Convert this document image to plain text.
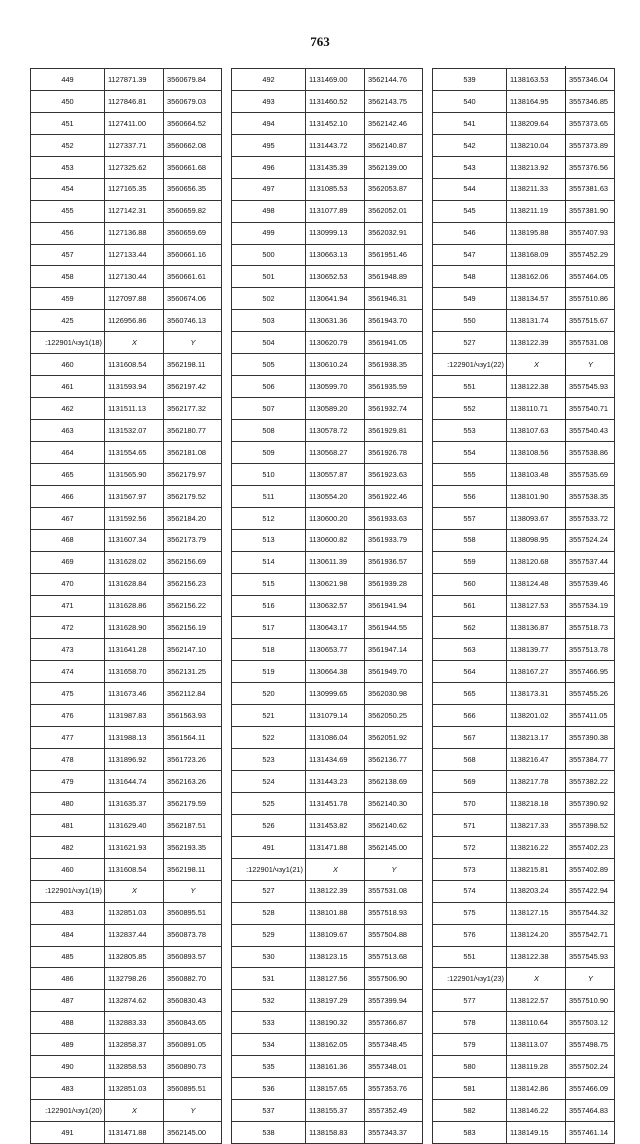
763
449	1127871.39	3560679.84
450	1127846.81	3560679.03
451	1127411.00	3560664.52
452	1127337.71	3560662.08
453	1127325.62	3560661.68
454	1127165.35	3560656.35
455	1127142.31	3560659.82
456	1127136.88	3560659.69
457	1127133.44	3560661.16
458	1127130.44	3560661.61
459	1127097.88	3560674.06
425	1126956.86	3560746.13
:122901/чзу1(18)	X	Y
460	1131608.54	3562198.11
461	1131593.94	3562197.42
462	1131511.13	3562177.32
463	1131532.07	3562180.77
464	1131554.65	3562181.08
465	1131565.90	3562179.97
466	1131567.97	3562179.52
467	1131592.56	3562184.20
468	1131607.34	3562173.79
469	1131628.02	3562156.69
470	1131628.84	3562156.23
471	1131628.86	3562156.22
472	1131628.90	3562156.19
473	1131641.28	3562147.10
474	1131658.70	3562131.25
475	1131673.46	3562112.84
476	1131987.83	3561563.93
477	1131988.13	3561564.11
478	1131896.92	3561723.26
479	1131644.74	3562163.26
480	1131635.37	3562179.59
481	1131629.40	3562187.51
482	1131621.93	3562193.35
460	1131608.54	3562198.11
:122901/чзу1(19)	X	Y
483	1132851.03	3560895.51
484	1132837.44	3560873.78
485	1132805.85	3560893.57
486	1132798.26	3560882.70
487	1132874.62	3560830.43
488	1132883.33	3560843.65
489	1132858.37	3560891.05
490	1132858.53	3560890.73
483	1132851.03	3560895.51
:122901/чзу1(20)	X	Y
491	1131471.88	3562145.00
492	1131469.00	3562144.76
493	1131460.52	3562143.75
494	1131452.10	3562142.46
495	1131443.72	3562140.87
496	1131435.39	3562139.00
497	1131085.53	3562053.87
498	1131077.89	3562052.01
499	1130999.13	3562032.91
500	1130663.13	3561951.46
501	1130652.53	3561948.89
502	1130641.94	3561946.31
503	1130631.36	3561943.70
504	1130620.79	3561941.05
505	1130610.24	3561938.35
506	1130599.70	3561935.59
507	1130589.20	3561932.74
508	1130578.72	3561929.81
509	1130568.27	3561926.78
510	1130557.87	3561923.63
511	1130554.20	3561922.46
512	1130600.20	3561933.63
513	1130600.82	3561933.79
514	1130611.39	3561936.57
515	1130621.98	3561939.28
516	1130632.57	3561941.94
517	1130643.17	3561944.55
518	1130653.77	3561947.14
519	1130664.38	3561949.70
520	1130999.65	3562030.98
521	1131079.14	3562050.25
522	1131086.04	3562051.92
523	1131434.69	3562136.77
524	1131443.23	3562138.69
525	1131451.78	3562140.30
526	1131453.82	3562140.62
491	1131471.88	3562145.00
:122901/чзу1(21)	X	Y
527	1138122.39	3557531.08
528	1138101.88	3557518.93
529	1138109.67	3557504.88
530	1138123.15	3557513.68
531	1138127.56	3557506.90
532	1138197.29	3557399.94
533	1138190.32	3557366.87
534	1138162.05	3557348.45
535	1138161.36	3557348.01
536	1138157.65	3557353.76
537	1138155.37	3557352.49
538	1138158.83	3557343.37
539	1138163.53	3557346.04
540	1138164.95	3557346.85
541	1138209.64	3557373.65
542	1138210.04	3557373.89
543	1138213.92	3557376.56
544	1138211.33	3557381.63
545	1138211.19	3557381.90
546	1138195.88	3557407.93
547	1138168.09	3557452.29
548	1138162.06	3557464.05
549	1138134.57	3557510.86
550	1138131.74	3557515.67
527	1138122.39	3557531.08
:122901/чзу1(22)	X	Y
551	1138122.38	3557545.93
552	1138110.71	3557540.71
553	1138107.63	3557540.43
554	1138108.56	3557538.86
555	1138103.48	3557535.69
556	1138101.90	3557538.35
557	1138093.67	3557533.72
558	1138098.95	3557524.24
559	1138120.68	3557537.44
560	1138124.48	3557539.46
561	1138127.53	3557534.19
562	1138136.87	3557518.73
563	1138139.77	3557513.78
564	1138167.27	3557466.95
565	1138173.31	3557455.26
566	1138201.02	3557411.05
567	1138213.17	3557390.38
568	1138216.47	3557384.77
569	1138217.78	3557382.22
570	1138218.18	3557390.92
571	1138217.33	3557398.52
572	1138216.22	3557402.23
573	1138215.81	3557402.89
574	1138203.24	3557422.94
575	1138127.15	3557544.32
576	1138124.20	3557542.71
551	1138122.38	3557545.93
:122901/чзу1(23)	X	Y
577	1138122.57	3557510.90
578	1138110.64	3557503.12
579	1138113.07	3557498.75
580	1138119.28	3557502.24
581	1138142.86	3557466.09
582	1138146.22	3557464.83
583	1138149.15	3557461.14
